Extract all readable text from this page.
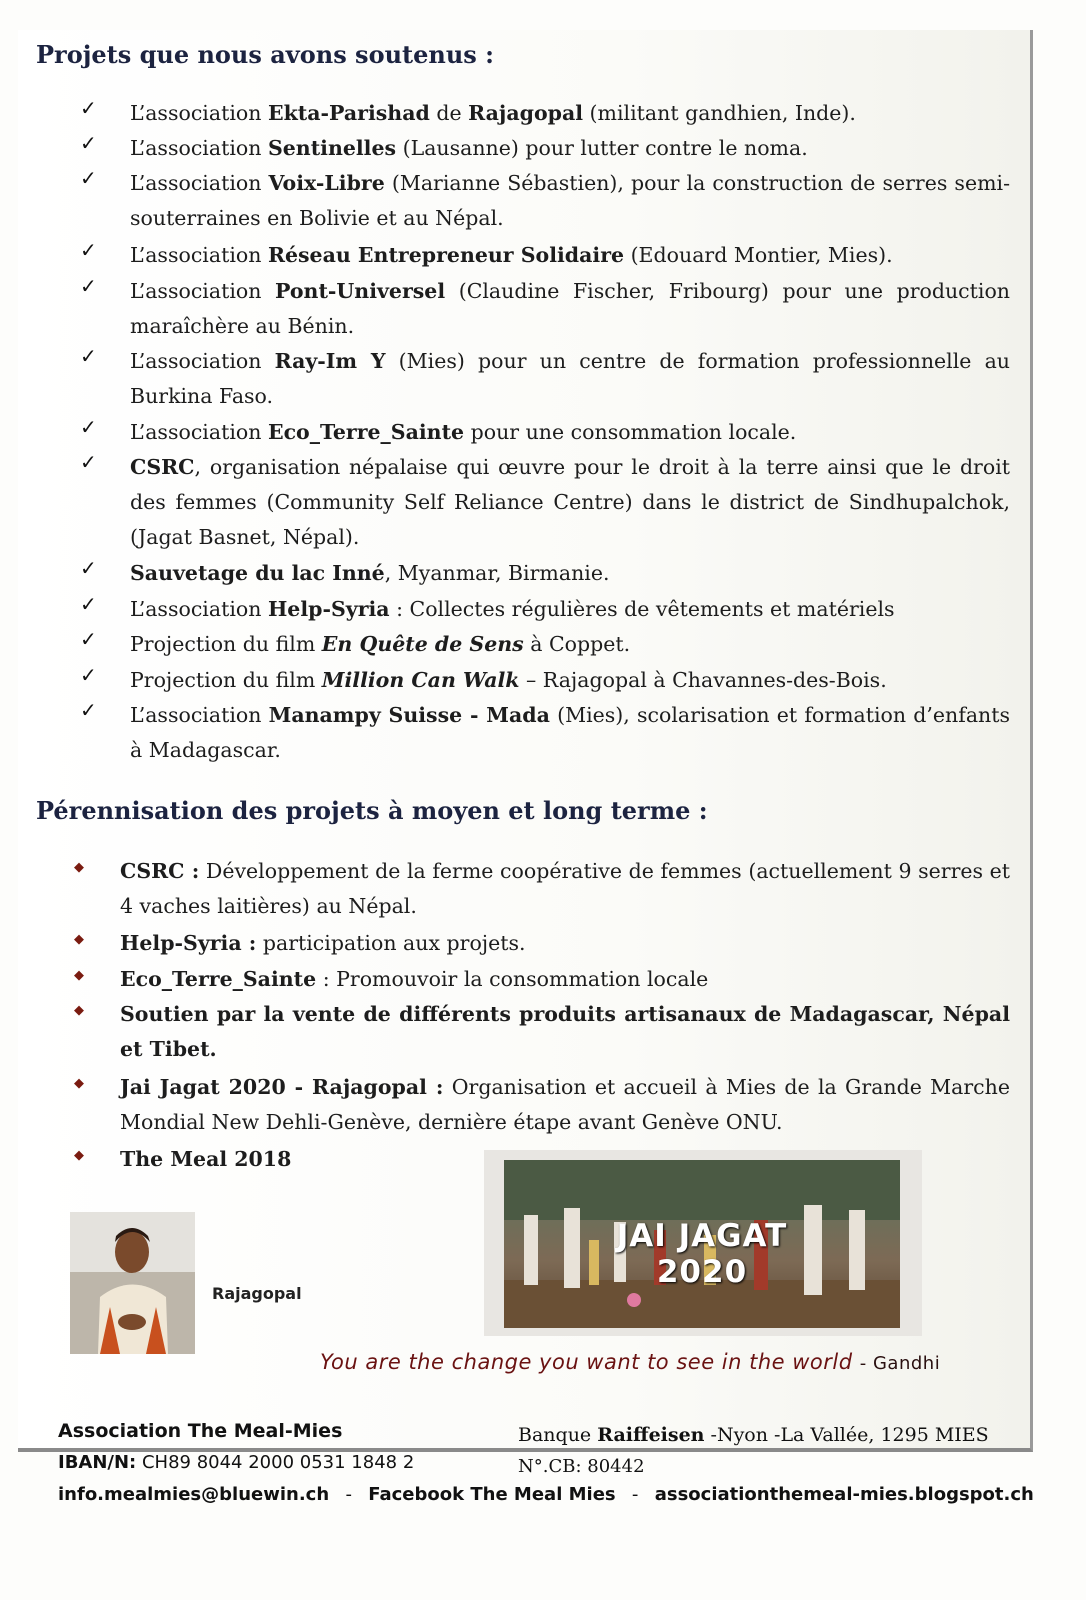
Projets que nous avons soutenus :
✓ L’association Ekta-Parishad de Rajagopal (militant gandhien, Inde).
✓ L’association Sentinelles (Lausanne) pour lutter contre le noma.
✓ L’association Voix-Libre (Marianne Sébastien), pour la construction de serres semi-souterraines en Bolivie et au Népal.
✓ L’association Réseau Entrepreneur Solidaire (Edouard Montier, Mies).
✓ L’association Pont-Universel (Claudine Fischer, Fribourg) pour une production maraîchère au Bénin.
✓ L’association Ray-Im Y (Mies) pour un centre de formation professionnelle au Burkina Faso.
✓ L’association Eco_Terre_Sainte pour une consommation locale.
✓ CSRC, organisation népalaise qui œuvre pour le droit à la terre ainsi que le droit des femmes (Community Self Reliance Centre) dans le district de Sindhupalchok, (Jagat Basnet, Népal).
✓ Sauvetage du lac Inné, Myanmar, Birmanie.
✓ L’association Help-Syria : Collectes régulières de vêtements et matériels
✓ Projection du film En Quête de Sens à Coppet.
✓ Projection du film Million Can Walk – Rajagopal à Chavannes-des-Bois.
✓ L’association Manampy Suisse - Mada (Mies), scolarisation et formation d’enfants à Madagascar.
Pérennisation des projets à moyen et long terme :
◆ CSRC : Développement de la ferme coopérative de femmes (actuellement 9 serres et 4 vaches laitières) au Népal.
◆ Help-Syria : participation aux projets.
◆ Eco_Terre_Sainte : Promouvoir la consommation locale
◆ Soutien par la vente de différents produits artisanaux de Madagascar, Népal et Tibet.
◆ Jai Jagat 2020 - Rajagopal : Organisation et accueil à Mies de la Grande Marche Mondial New Dehli-Genève, dernière étape avant Genève ONU.
◆ The Meal 2018
Rajagopal
JAI JAGAT 2020
You are the change you want to see in the world - Gandhi
Association The Meal-Mies
IBAN/N: CH89 8044 2000 0531 1848 2
Banque Raiffeisen -Nyon -La Vallée, 1295 MIES
N°.CB: 80442
info.mealmies@bluewin.ch - Facebook The Meal Mies - associationthemeal-mies.blogspot.ch
